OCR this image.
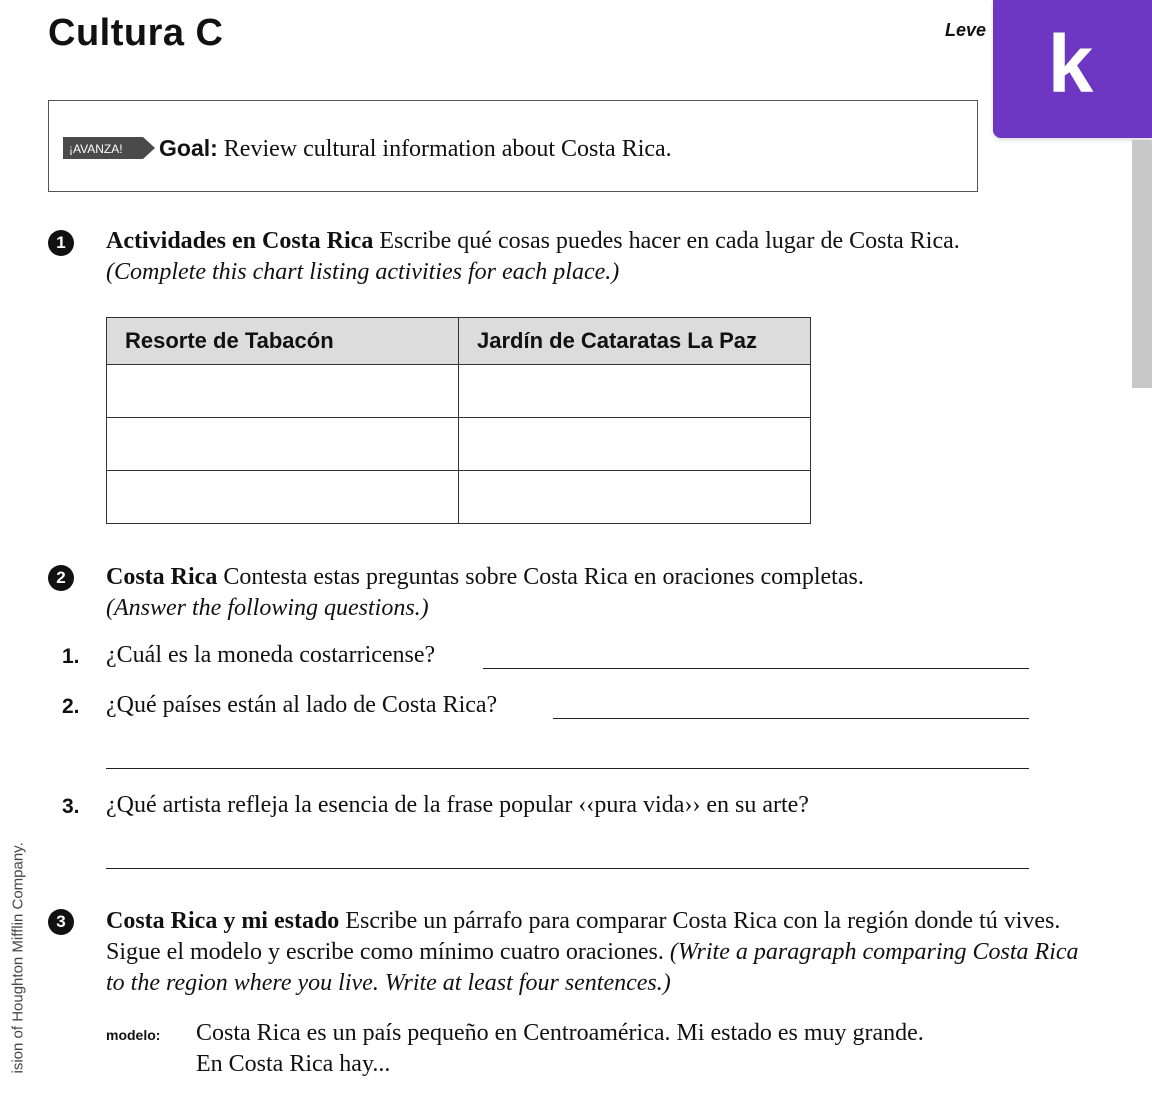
Cultura C	Leve k
¡AVANZA! Goal: Review cultural information about Costa Rica.
1	Actividades en Costa Rica Escribe qué cosas puedes hacer en cada lugar de Costa Rica.
(Complete this chart listing activities for each place.)
Resorte de Tabacón	Jardín de Cataratas La Paz

2	Costa Rica Contesta estas preguntas sobre Costa Rica en oraciones completas.
(Answer the following questions.)
1. ¿Cuál es la moneda costarricense?
2. ¿Qué países están al lado de Costa Rica?
3. ¿Qué artista refleja la esencia de la frase popular ‹‹pura vida›› en su arte?
3	Costa Rica y mi estado Escribe un párrafo para comparar Costa Rica con la región donde tú vives. Sigue el modelo y escribe como mínimo cuatro oraciones. (Write a paragraph comparing Costa Rica to the region where you live. Write at least four sentences.)
modelo: Costa Rica es un país pequeño en Centroamérica. Mi estado es muy grande. En Costa Rica hay...
ision of Houghton Mifflin Company.
